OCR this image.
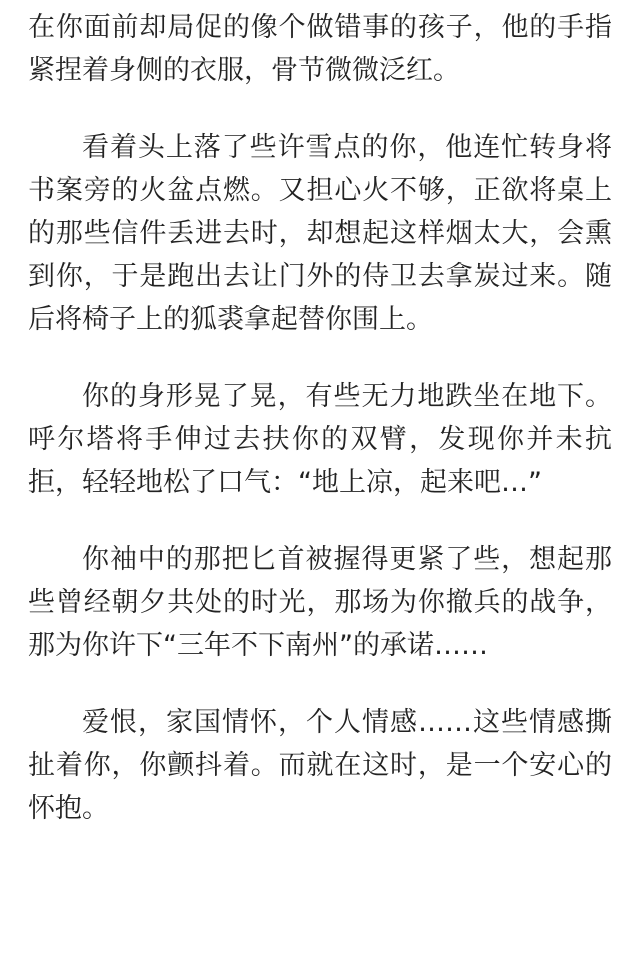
在你面前却局促的像个做错事的孩子，他的手指紧捏着身侧的衣服，骨节微微泛红。

看着头上落了些许雪点的你，他连忙转身将书案旁的火盆点燃。又担心火不够，正欲将桌上的那些信件丢进去时，却想起这样烟太大，会熏到你，于是跑出去让门外的侍卫去拿炭过来。随后将椅子上的狐裘拿起替你围上。

你的身形晃了晃，有些无力地跌坐在地下。呼尔塔将手伸过去扶你的双臂，发现你并未抗拒，轻轻地松了口气：“地上凉，起来吧…”

你袖中的那把匕首被握得更紧了些，想起那些曾经朝夕共处的时光，那场为你撤兵的战争，那为你许下“三年不下南州”的承诺……

爱恨，家国情怀，个人情感……这些情感撕扯着你，你颤抖着。而就在这时，是一个安心的怀抱。
